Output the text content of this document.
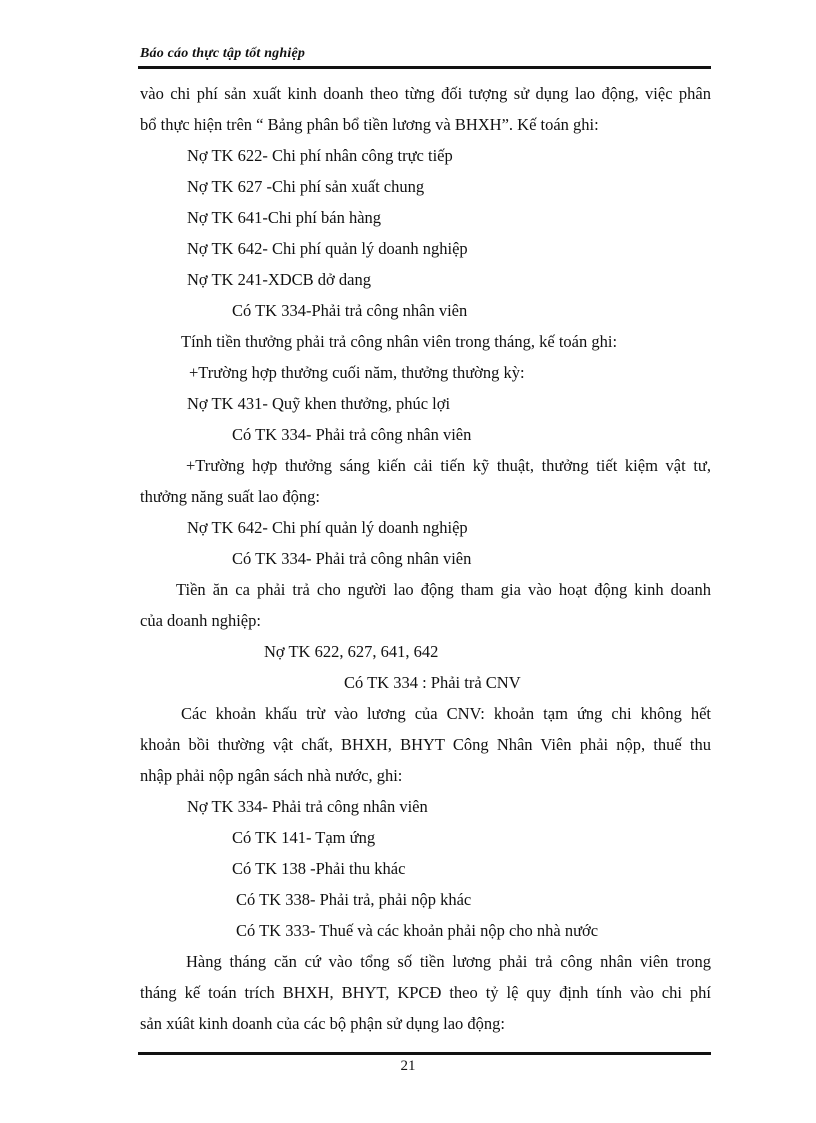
Báo cáo thực tập tốt nghiệp
vào chi phí sản xuất kinh doanh theo từng đối tượng sử dụng lao động, việc phân
bổ thực hiện trên “ Bảng phân bổ tiền lương và BHXH”. Kế toán ghi:
Nợ TK 622- Chi phí nhân công trực tiếp
Nợ TK 627 -Chi phí sản xuất chung
Nợ TK 641-Chi phí bán hàng
Nợ TK 642- Chi phí quản lý doanh nghiệp
Nợ TK 241-XDCB dở dang
Có TK 334-Phải trả công nhân viên
Tính tiền thưởng phải trả công nhân viên trong tháng, kế toán ghi:
+Trường hợp thưởng cuối năm, thưởng thường kỳ:
Nợ TK 431- Quỹ khen thưởng, phúc lợi
Có TK 334- Phải trả công nhân viên
+Trường hợp thưởng sáng kiến cải tiến kỹ thuật, thưởng tiết kiệm vật tư,
thưởng năng suất lao động:
Nợ TK 642- Chi phí quản lý doanh nghiệp
Có TK 334- Phải trả công nhân viên
Tiền ăn ca phải trả cho người lao động tham gia vào hoạt động kinh doanh
của doanh nghiệp:
Nợ TK 622, 627, 641, 642
Có TK 334 : Phải trả CNV
Các khoản khấu trừ vào lương của CNV: khoản tạm ứng chi không hết
khoản bồi thường vật chất, BHXH, BHYT Công Nhân Viên phải nộp, thuế thu
nhập phải nộp ngân sách nhà nước, ghi:
Nợ TK 334- Phải trả công nhân viên
Có TK 141- Tạm ứng
Có TK 138 -Phải thu khác
Có TK 338- Phải trả, phải nộp khác
Có TK 333- Thuế và các khoản phải nộp cho nhà nước
Hàng tháng căn cứ vào tổng số tiền lương phải trả công nhân viên trong
tháng kế toán trích BHXH, BHYT, KPCĐ theo tỷ lệ quy định tính vào chi phí
sản xúât kinh doanh của các bộ phận sử dụng lao động:
21
